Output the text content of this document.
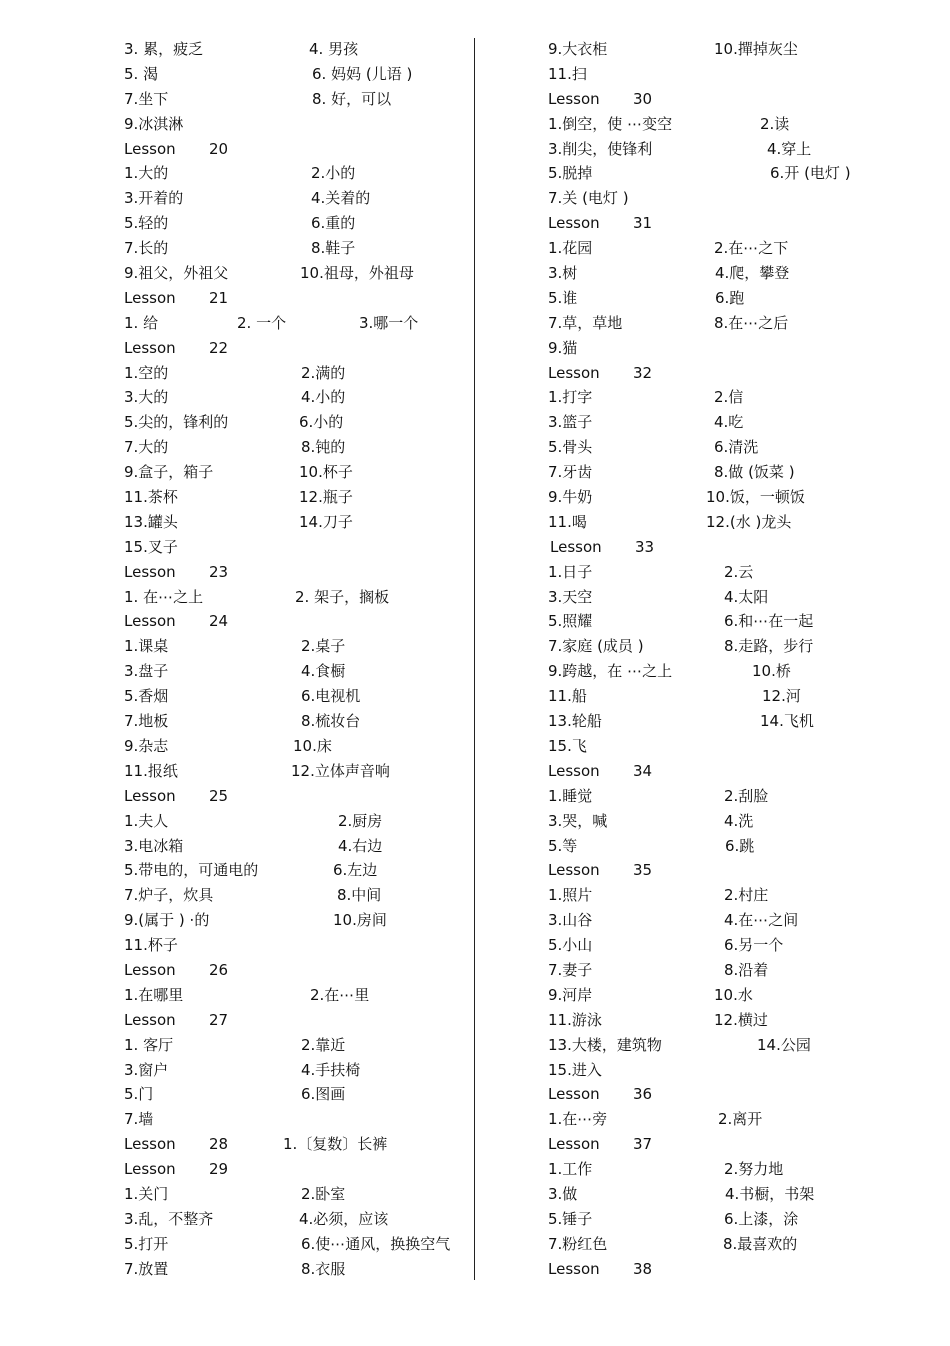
3. 累，疲乏	4. 男孩
5. 渴	6. 妈妈 (儿语 )
7.坐下	8. 好，可以
9.冰淇淋
Lesson 20
1.大的	2.小的
3.开着的	4.关着的
5.轻的	6.重的
7.长的	8.鞋子
9.祖父，外祖父	10.祖母，外祖母
Lesson 21
1. 给	2. 一个	3.哪一个
Lesson 22
1.空的	2.满的
3.大的	4.小的
5.尖的，锋利的	6.小的
7.大的	8.钝的
9.盒子，箱子	10.杯子
11.茶杯	12.瓶子
13.罐头	14.刀子
15.叉子
Lesson 23
1. 在⋯之上	2. 架子，搁板
Lesson 24
1.课桌	2.桌子
3.盘子	4.食橱
5.香烟	6.电视机
7.地板	8.梳妆台
9.杂志	10.床
11.报纸	12.立体声音响
Lesson 25
1.夫人	2.厨房
3.电冰箱	4.右边
5.带电的，可通电的	6.左边
7.炉子，炊具	8.中间
9.(属于 ) ⋅的	10.房间
11.杯子
Lesson 26
1.在哪里	2.在⋯里
Lesson 27
1. 客厅	2.靠近
3.窗户	4.手扶椅
5.门	6.图画
7.墙
Lesson 28	1.〔复数〕长裤
Lesson 29
1.关门	2.卧室
3.乱，不整齐	4.必须，应该
5.打开	6.使⋯通风，换换空气
7.放置	8.衣服
9.大衣柜	10.撣掉灰尘
11.扫
Lesson 30
1.倒空，使 ⋯变空	2.读
3.削尖，使锋利	4.穿上
5.脱掉	6.开 (电灯 )
7.关 (电灯 )
Lesson 31
1.花园	2.在⋯之下
3.树	4.爬，攀登
5.谁	6.跑
7.草，草地	8.在⋯之后
9.猫
Lesson 32
1.打字	2.信
3.篮子	4.吃
5.骨头	6.清洗
7.牙齿	8.做 (饭菜 )
9.牛奶	10.饭，一顿饭
11.喝	12.(水 )龙头
Lesson 33
1.日子	2.云
3.天空	4.太阳
5.照耀	6.和⋯在一起
7.家庭 (成员 )	8.走路，步行
9.跨越，在 ⋯之上	10.桥
11.船	12.河
13.轮船	14.飞机
15.飞
Lesson 34
1.睡觉	2.刮脸
3.哭，喊	4.洗
5.等	6.跳
Lesson 35
1.照片	2.村庄
3.山谷	4.在⋯之间
5.小山	6.另一个
7.妻子	8.沿着
9.河岸	10.水
11.游泳	12.横过
13.大楼，建筑物	14.公园
15.进入
Lesson 36
1.在⋯旁	2.离开
Lesson 37
1.工作	2.努力地
3.做	4.书橱，书架
5.锤子	6.上漆，涂
7.粉红色	8.最喜欢的
Lesson 38
